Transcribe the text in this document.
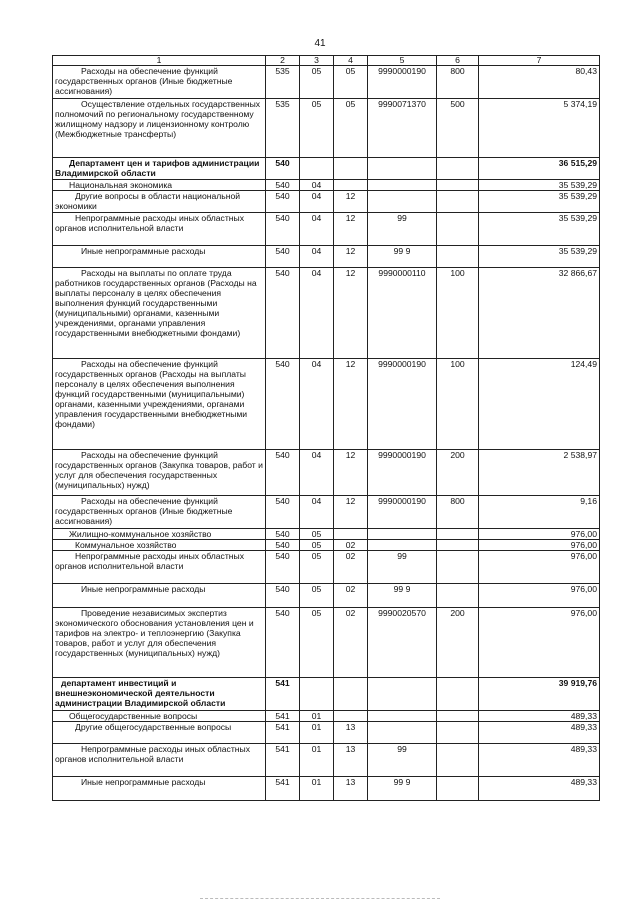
41
1	2	3	4	5	6	7
Расходы на обеспечение функций государственных органов (Иные бюджетные ассигнования)	535	05	05	9990000190	800	80,43
Осуществление отдельных государственных полномочий по региональному государственному жилищному надзору и лицензионному контролю (Межбюджетные трансферты)	535	05	05	9990071370	500	5 374,19
Департамент цен и тарифов администрации Владимирской области	540					36 515,29
Национальная экономика	540	04				35 539,29
Другие вопросы в области национальной экономики	540	04	12			35 539,29
Непрограммные расходы иных областных органов исполнительной власти	540	04	12	99		35 539,29
Иные непрограммные расходы	540	04	12	99 9		35 539,29
Расходы на выплаты по оплате труда работников государственных органов (Расходы на выплаты персоналу в целях обеспечения выполнения функций государственными (муниципальными) органами, казенными учреждениями, органами управления государственными внебюджетными фондами)	540	04	12	9990000110	100	32 866,67
Расходы на обеспечение функций государственных органов (Расходы на выплаты персоналу в целях обеспечения выполнения функций государственными (муниципальными) органами, казенными учреждениями, органами управления государственными внебюджетными фондами)	540	04	12	9990000190	100	124,49
Расходы на обеспечение функций государственных органов (Закупка товаров, работ и услуг для обеспечения государственных (муниципальных) нужд)	540	04	12	9990000190	200	2 538,97
Расходы на обеспечение функций государственных органов (Иные бюджетные ассигнования)	540	04	12	9990000190	800	9,16
Жилищно-коммунальное хозяйство	540	05				976,00
Коммунальное хозяйство	540	05	02			976,00
Непрограммные расходы иных областных органов исполнительной власти	540	05	02	99		976,00
Иные непрограммные расходы	540	05	02	99 9		976,00
Проведение независимых экспертиз экономического обоснования установления цен и тарифов на электро- и теплоэнергию (Закупка товаров, работ и услуг для обеспечения государственных (муниципальных) нужд)	540	05	02	9990020570	200	976,00
департамент инвестиций и внешнеэкономической деятельности администрации Владимирской области	541					39 919,76
Общегосударственные вопросы	541	01				489,33
Другие общегосударственные вопросы	541	01	13			489,33
Непрограммные расходы иных областных органов исполнительной власти	541	01	13	99		489,33
Иные непрограммные расходы	541	01	13	99 9		489,33
